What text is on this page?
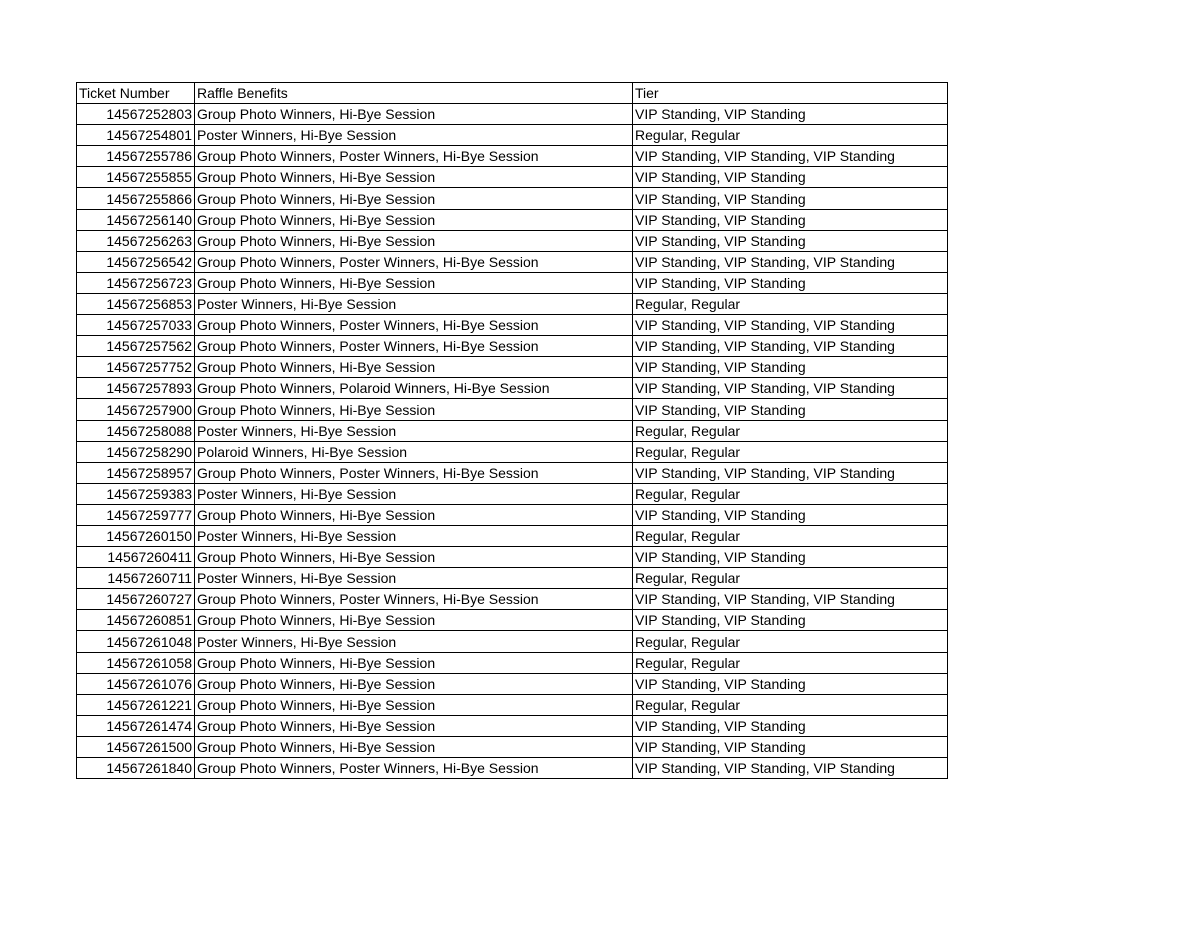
Ticket Number	Raffle Benefits	Tier
14567252803	Group Photo Winners, Hi-Bye Session	VIP Standing, VIP Standing
14567254801	Poster Winners, Hi-Bye Session	Regular, Regular
14567255786	Group Photo Winners, Poster Winners, Hi-Bye Session	VIP Standing, VIP Standing, VIP Standing
14567255855	Group Photo Winners, Hi-Bye Session	VIP Standing, VIP Standing
14567255866	Group Photo Winners, Hi-Bye Session	VIP Standing, VIP Standing
14567256140	Group Photo Winners, Hi-Bye Session	VIP Standing, VIP Standing
14567256263	Group Photo Winners, Hi-Bye Session	VIP Standing, VIP Standing
14567256542	Group Photo Winners, Poster Winners, Hi-Bye Session	VIP Standing, VIP Standing, VIP Standing
14567256723	Group Photo Winners, Hi-Bye Session	VIP Standing, VIP Standing
14567256853	Poster Winners, Hi-Bye Session	Regular, Regular
14567257033	Group Photo Winners, Poster Winners, Hi-Bye Session	VIP Standing, VIP Standing, VIP Standing
14567257562	Group Photo Winners, Poster Winners, Hi-Bye Session	VIP Standing, VIP Standing, VIP Standing
14567257752	Group Photo Winners, Hi-Bye Session	VIP Standing, VIP Standing
14567257893	Group Photo Winners, Polaroid Winners, Hi-Bye Session	VIP Standing, VIP Standing, VIP Standing
14567257900	Group Photo Winners, Hi-Bye Session	VIP Standing, VIP Standing
14567258088	Poster Winners, Hi-Bye Session	Regular, Regular
14567258290	Polaroid Winners, Hi-Bye Session	Regular, Regular
14567258957	Group Photo Winners, Poster Winners, Hi-Bye Session	VIP Standing, VIP Standing, VIP Standing
14567259383	Poster Winners, Hi-Bye Session	Regular, Regular
14567259777	Group Photo Winners, Hi-Bye Session	VIP Standing, VIP Standing
14567260150	Poster Winners, Hi-Bye Session	Regular, Regular
14567260411	Group Photo Winners, Hi-Bye Session	VIP Standing, VIP Standing
14567260711	Poster Winners, Hi-Bye Session	Regular, Regular
14567260727	Group Photo Winners, Poster Winners, Hi-Bye Session	VIP Standing, VIP Standing, VIP Standing
14567260851	Group Photo Winners, Hi-Bye Session	VIP Standing, VIP Standing
14567261048	Poster Winners, Hi-Bye Session	Regular, Regular
14567261058	Group Photo Winners, Hi-Bye Session	Regular, Regular
14567261076	Group Photo Winners, Hi-Bye Session	VIP Standing, VIP Standing
14567261221	Group Photo Winners, Hi-Bye Session	Regular, Regular
14567261474	Group Photo Winners, Hi-Bye Session	VIP Standing, VIP Standing
14567261500	Group Photo Winners, Hi-Bye Session	VIP Standing, VIP Standing
14567261840	Group Photo Winners, Poster Winners, Hi-Bye Session	VIP Standing, VIP Standing, VIP Standing
